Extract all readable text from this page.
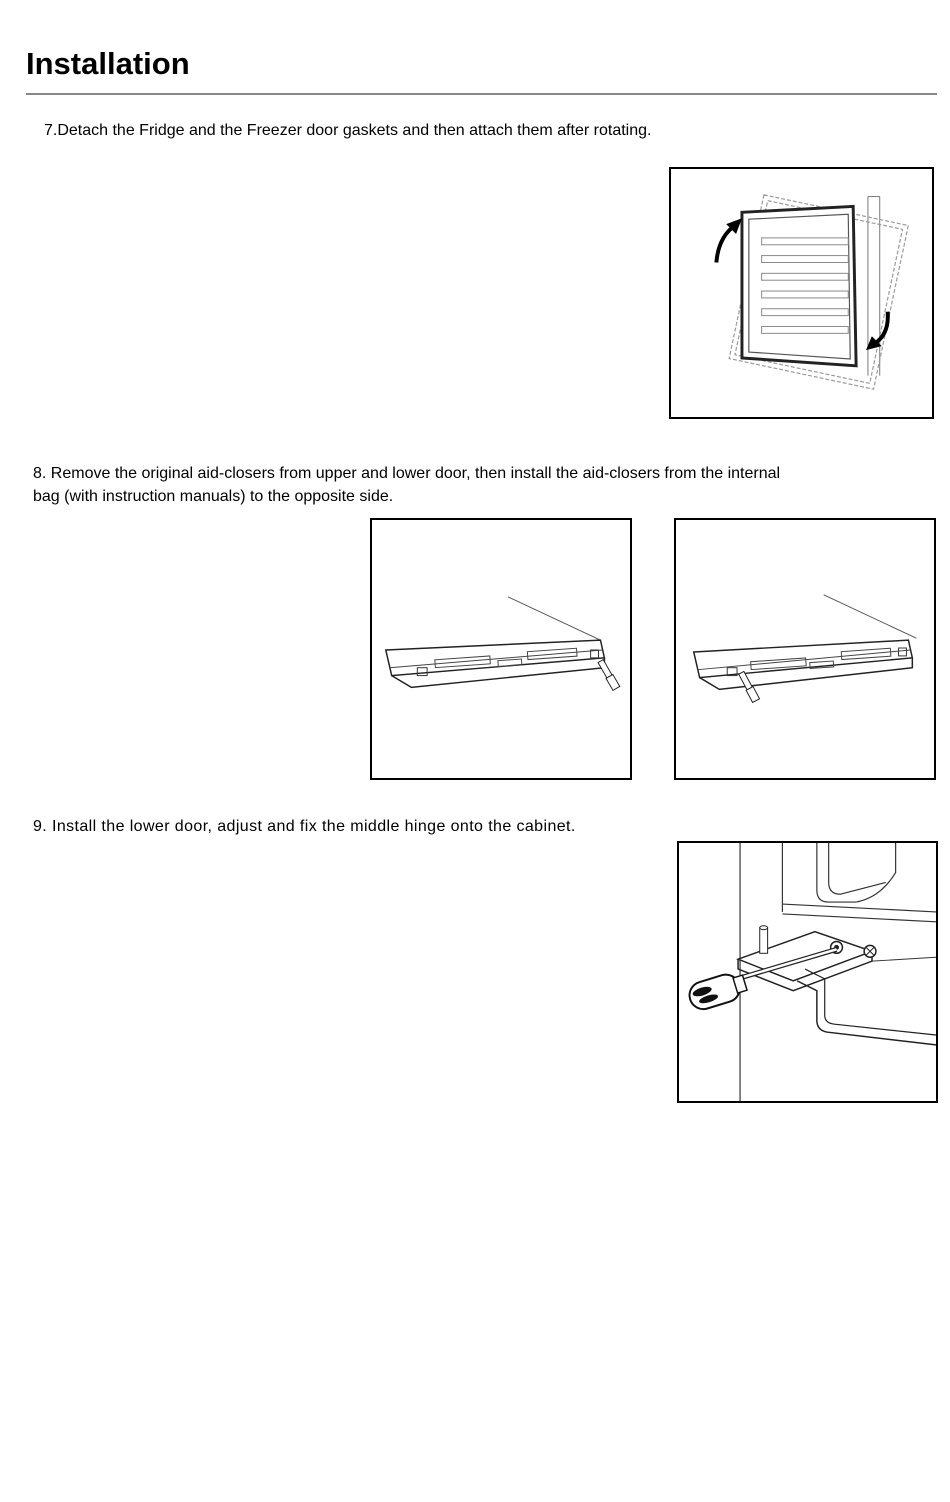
Installation

7.Detach the Fridge and the Freezer door gaskets and then attach them after rotating.

8. Remove the original aid-closers from upper and lower door, then install the aid-closers from the internal

bag (with instruction manuals) to the opposite side.

9. Install the lower door, adjust and fix the middle hinge onto the cabinet.
